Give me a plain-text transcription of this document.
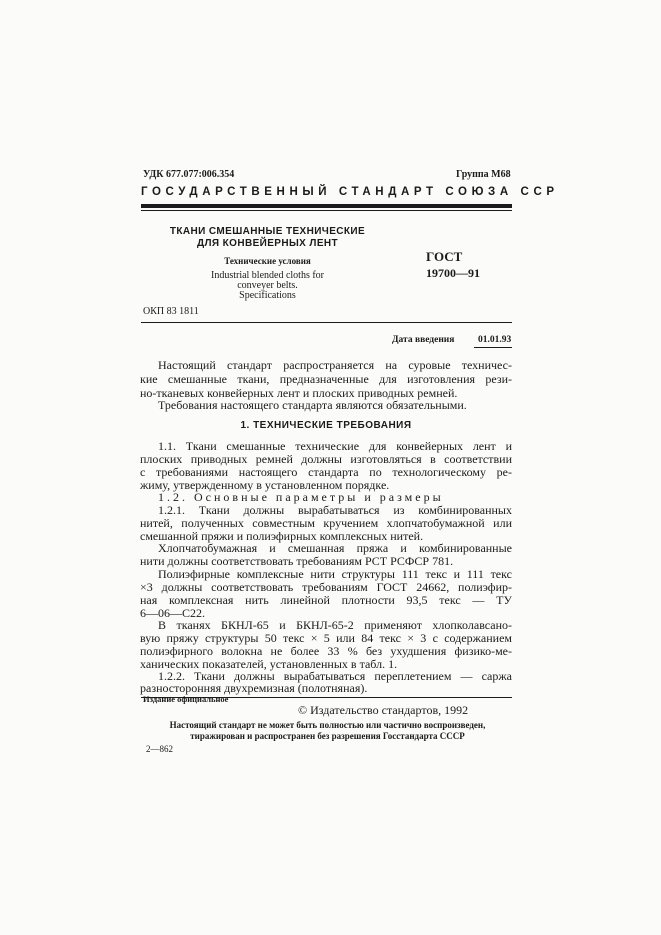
УДК 677.077:006.354	Группа М68
ГОСУДАРСТВЕННЫЙ СТАНДАРТ СОЮЗА ССР
ТКАНИ СМЕШАННЫЕ ТЕХНИЧЕСКИЕ
ДЛЯ КОНВЕЙЕРНЫХ ЛЕНТ
Технические условия
Industrial blended cloths for
conveyer belts.
Specifications
ГОСТ
19700—91
ОКП 83 1811
Дата введения 01.01.93
Настоящий стандарт распространяется на суровые техничес-
кие смешанные ткани, предназначенные для изготовления рези-
но-тканевых конвейерных лент и плоских приводных ремней.
Требования настоящего стандарта являются обязательными.
1. ТЕХНИЧЕСКИЕ ТРЕБОВАНИЯ
1.1. Ткани смешанные технические для конвейерных лент и
плоских приводных ремней должны изготовляться в соответствии
с требованиями настоящего стандарта по технологическому ре-
жиму, утвержденному в установленном порядке.
1.2. Основные параметры и размеры
1.2.1. Ткани должны вырабатываться из комбинированных
нитей, полученных совместным кручением хлопчатобумажной или
смешанной пряжи и полиэфирных комплексных нитей.
Хлопчатобумажная и смешанная пряжа и комбинированные
нити должны соответствовать требованиям РСТ РСФСР 781.
Полиэфирные комплексные нити структуры 111 текс и 111 текс
×3 должны соответствовать требованиям ГОСТ 24662, полиэфир-
ная комплексная нить линейной плотности 93,5 текс — ТУ
6—06—С22.
В тканях БКНЛ-65 и БКНЛ-65-2 применяют хлопколавсано-
вую пряжу структуры 50 текс × 5 или 84 текс × 3 с содержанием
полиэфирного волокна не более 33 % без ухудшения физико-ме-
ханических показателей, установленных в табл. 1.
1.2.2. Ткани должны вырабатываться переплетением — саржа
разносторонняя двухремизная (полотняная).
Издание официальное
© Издательство стандартов, 1992
Настоящий стандарт не может быть полностью или частично воспроизведен,
тиражирован и распространен без разрешения Госстандарта СССР
2—862
